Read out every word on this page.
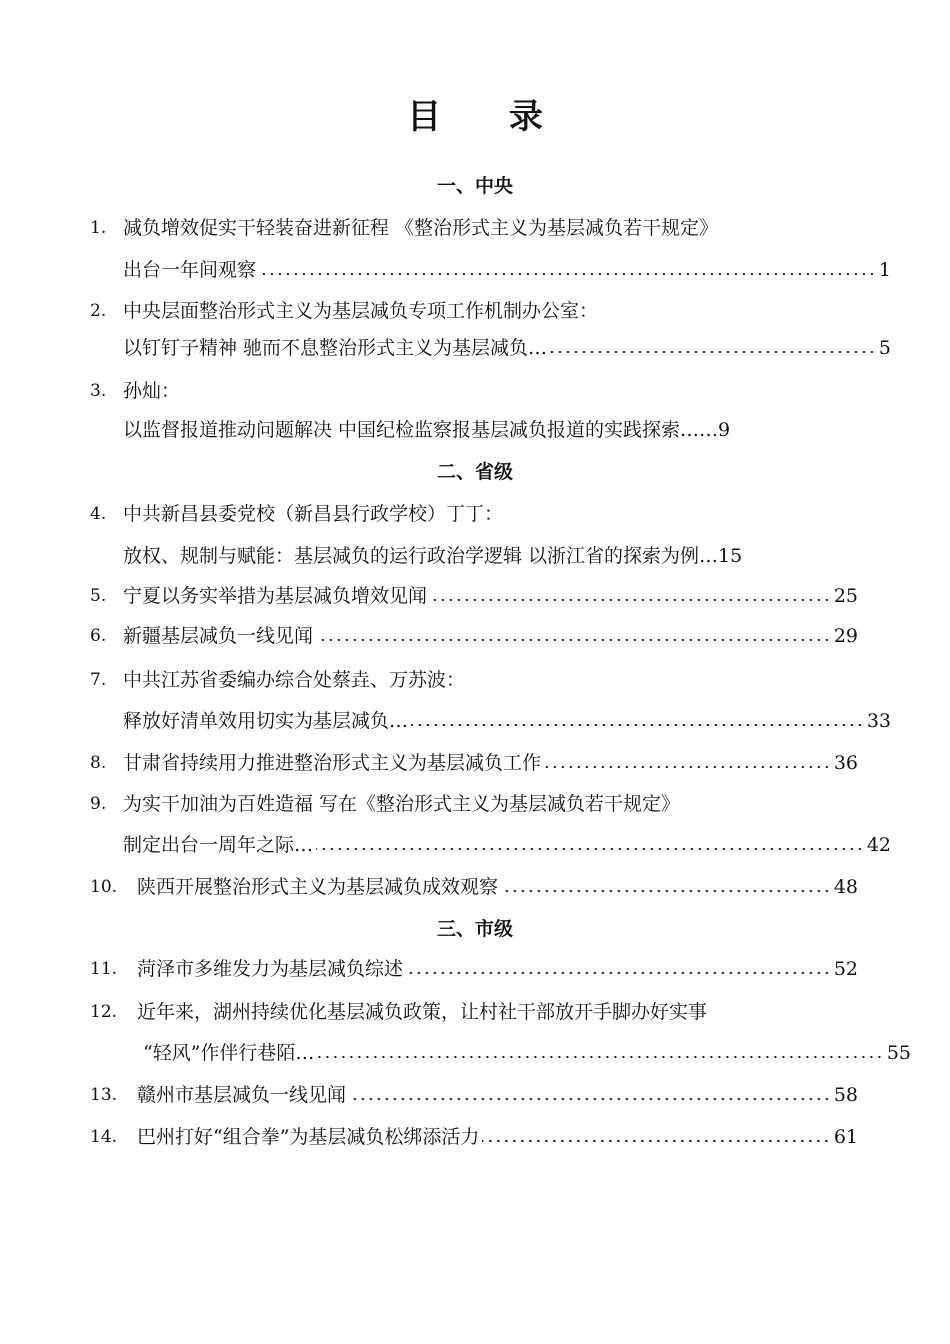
目 录
一、中央
1. 减负增效促实干轻装奋进新征程 《整治形式主义为基层减负若干规定》
出台一年间观察	1
2. 中央层面整治形式主义为基层减负专项工作机制办公室：
以钉钉子精神 驰而不息整治形式主义为基层减负…	5
3. 孙灿：
以监督报道推动问题解决 中国纪检监察报基层减负报道的实践探索…… 9
二、省级
4. 中共新昌县委党校（新昌县行政学校）丁丁：
放权、规制与赋能：基层减负的运行政治学逻辑 以浙江省的探索为例… 15
5. 宁夏以务实举措为基层减负增效见闻	25
6. 新疆基层减负一线见闻	29
7. 中共江苏省委编办综合处蔡垚、万苏波：
释放好清单效用切实为基层减负…	33
8. 甘肃省持续用力推进整治形式主义为基层减负工作	36
9. 为实干加油为百姓造福 写在《整治形式主义为基层减负若干规定》
制定出台一周年之际…	42
10.	陕西开展整治形式主义为基层减负成效观察	48
三、市级
11.	菏泽市多维发力为基层减负综述	52
12.	近年来，湖州持续优化基层减负政策，让村社干部放开手脚办好实事
“轻风”作伴行巷陌…	55
13.	赣州市基层减负一线见闻	58
14.	巴州打好“组合拳”为基层减负松绑添活力	61
